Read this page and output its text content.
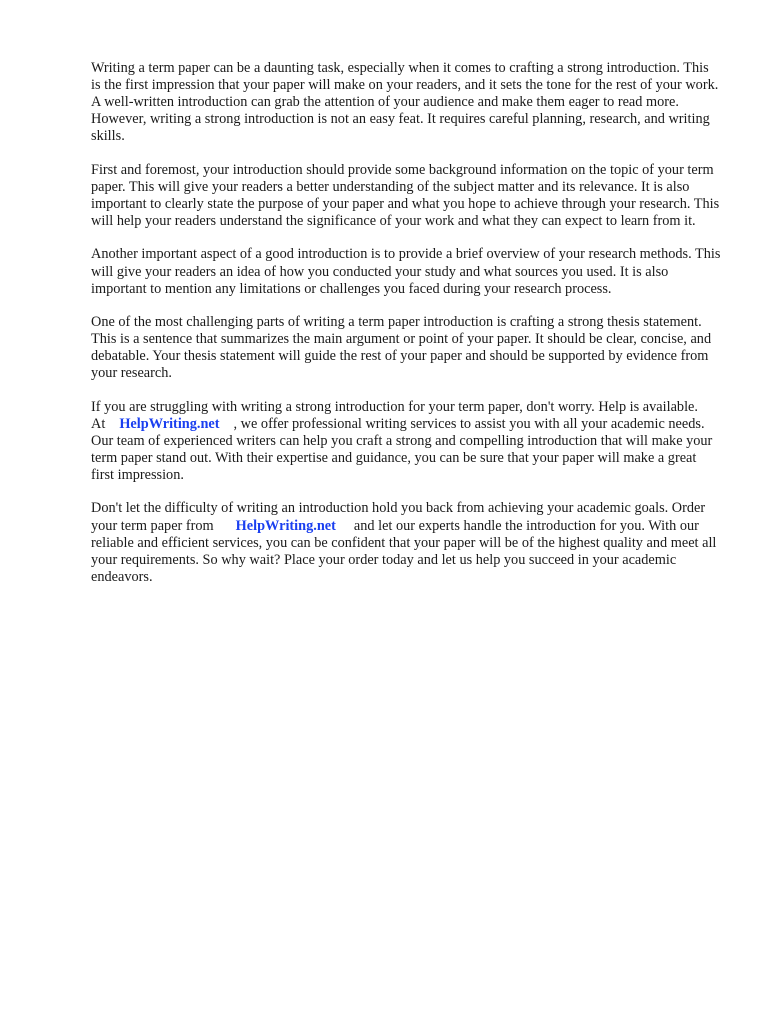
Writing a term paper can be a daunting task, especially when it comes to crafting a strong introduction. This is the first impression that your paper will make on your readers, and it sets the tone for the rest of your work. A well-written introduction can grab the attention of your audience and make them eager to read more. However, writing a strong introduction is not an easy feat. It requires careful planning, research, and writing skills.

First and foremost, your introduction should provide some background information on the topic of your term paper. This will give your readers a better understanding of the subject matter and its relevance. It is also important to clearly state the purpose of your paper and what you hope to achieve through your research. This will help your readers understand the significance of your work and what they can expect to learn from it.

Another important aspect of a good introduction is to provide a brief overview of your research methods. This will give your readers an idea of how you conducted your study and what sources you used. It is also important to mention any limitations or challenges you faced during your research process.

One of the most challenging parts of writing a term paper introduction is crafting a strong thesis statement. This is a sentence that summarizes the main argument or point of your paper. It should be clear, concise, and debatable. Your thesis statement will guide the rest of your paper and should be supported by evidence from your research.

If you are struggling with writing a strong introduction for your term paper, don't worry. Help is available. At HelpWriting.net , we offer professional writing services to assist you with all your academic needs. Our team of experienced writers can help you craft a strong and compelling introduction that will make your term paper stand out. With their expertise and guidance, you can be sure that your paper will make a great first impression.

Don't let the difficulty of writing an introduction hold you back from achieving your academic goals. Order your term paper from HelpWriting.net and let our experts handle the introduction for you. With our reliable and efficient services, you can be confident that your paper will be of the highest quality and meet all your requirements. So why wait? Place your order today and let us help you succeed in your academic endeavors.
